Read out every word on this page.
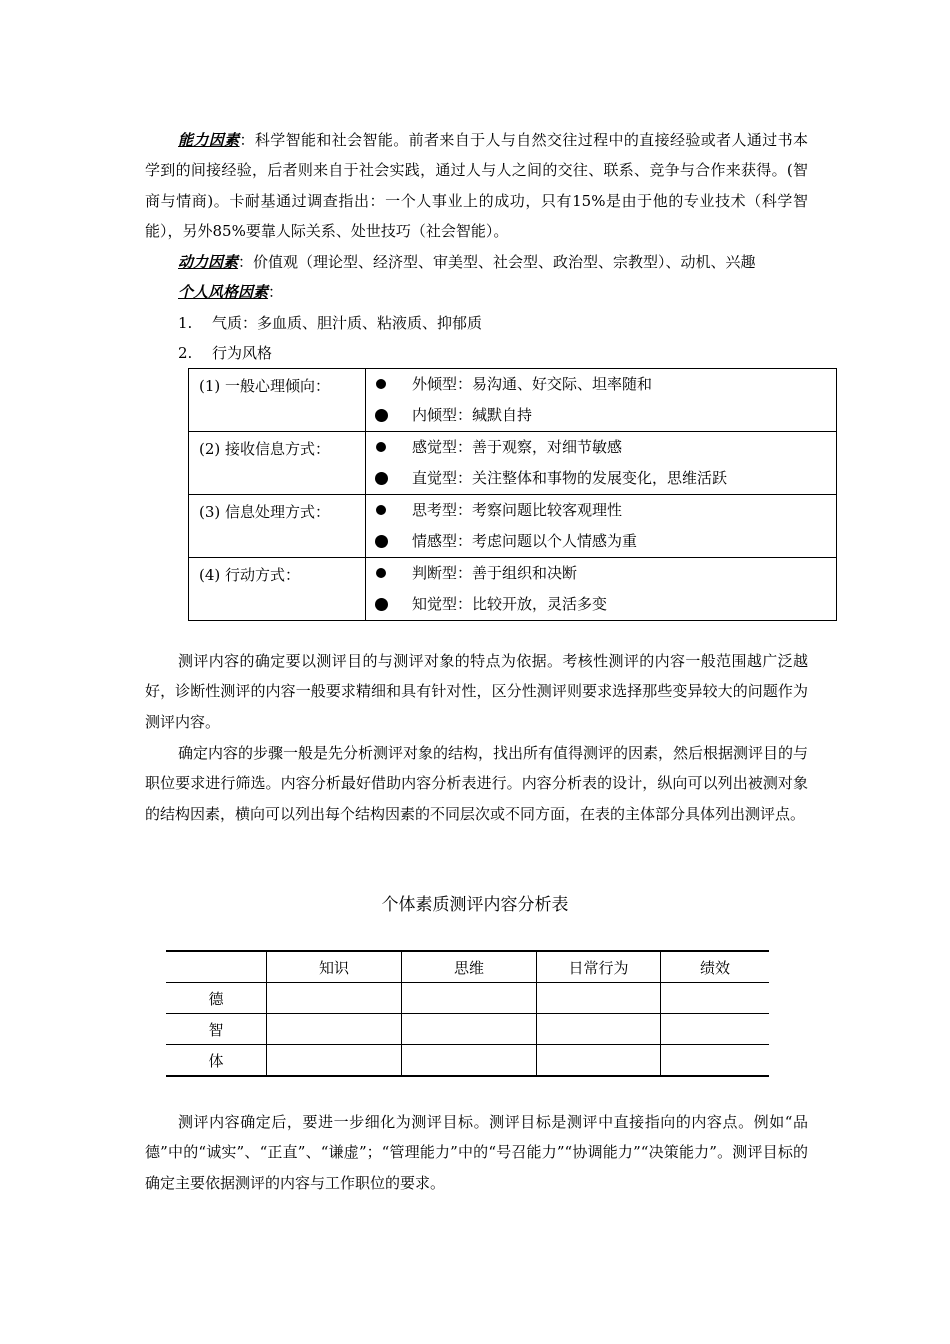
能力因素：科学智能和社会智能。前者来自于人与自然交往过程中的直接经验或者人通过书本学到的间接经验，后者则来自于社会实践，通过人与人之间的交往、联系、竞争与合作来获得。(智商与情商)。卡耐基通过调查指出：一个人事业上的成功，只有15%是由于他的专业技术（科学智能），另外85%要靠人际关系、处世技巧（社会智能）。

动力因素：价值观（理论型、经济型、审美型、社会型、政治型、宗教型）、动机、兴趣

个人风格因素：

1. 气质：多血质、胆汁质、粘液质、抑郁质
2. 行为风格
(1) 一般心理倾向：	外倾型：易沟通、好交际、坦率随和
内倾型：缄默自持

(2) 接收信息方式：	感觉型：善于观察，对细节敏感
直觉型：关注整体和事物的发展变化，思维活跃

(3) 信息处理方式：	思考型：考察问题比较客观理性
情感型：考虑问题以个人情感为重

(4) 行动方式：	判断型：善于组织和决断
知觉型：比较开放，灵活多变

测评内容的确定要以测评目的与测评对象的特点为依据。考核性测评的内容一般范围越广泛越好，诊断性测评的内容一般要求精细和具有针对性，区分性测评则要求选择那些变异较大的问题作为测评内容。

确定内容的步骤一般是先分析测评对象的结构，找出所有值得测评的因素，然后根据测评目的与职位要求进行筛选。内容分析最好借助内容分析表进行。内容分析表的设计，纵向可以列出被测对象的结构因素，横向可以列出每个结构因素的不同层次或不同方面，在表的主体部分具体列出测评点。

个体素质测评内容分析表
	知识	思维	日常行为	绩效
德				
智				
体				

测评内容确定后，要进一步细化为测评目标。测评目标是测评中直接指向的内容点。例如“品德”中的“诚实”、“正直”、“谦虚”；“管理能力”中的“号召能力”“协调能力”“决策能力”。测评目标的确定主要依据测评的内容与工作职位的要求。
